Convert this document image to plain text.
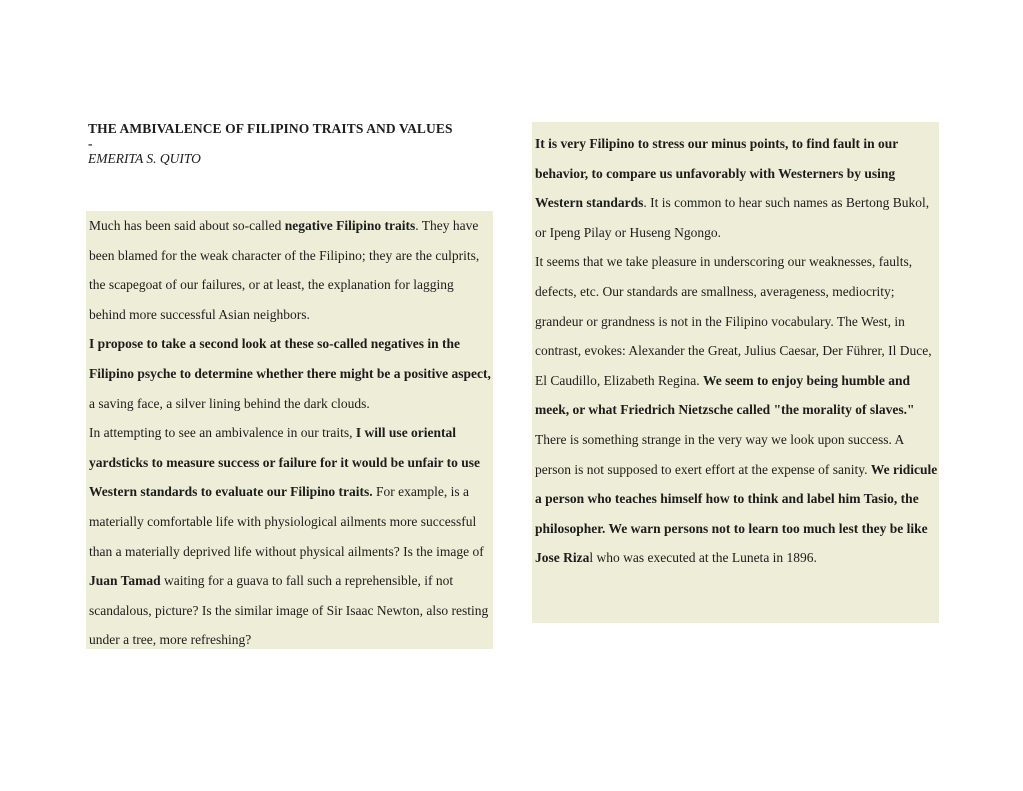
THE AMBIVALENCE OF FILIPINO TRAITS AND VALUES
-
EMERITA S. QUITO

Much has been said about so-called negative Filipino traits. They have been blamed for the weak character of the Filipino; they are the culprits, the scapegoat of our failures, or at least, the explanation for lagging behind more successful Asian neighbors.

I propose to take a second look at these so-called negatives in the Filipino psyche to determine whether there might be a positive aspect, a saving face, a silver lining behind the dark clouds.

In attempting to see an ambivalence in our traits, I will use oriental yardsticks to measure success or failure for it would be unfair to use Western standards to evaluate our Filipino traits. For example, is a materially comfortable life with physiological ailments more successful than a materially deprived life without physical ailments? Is the image of Juan Tamad waiting for a guava to fall such a reprehensible, if not scandalous, picture? Is the similar image of Sir Isaac Newton, also resting under a tree, more refreshing?

It is very Filipino to stress our minus points, to find fault in our behavior, to compare us unfavorably with Westerners by using Western standards. It is common to hear such names as Bertong Bukol, or Ipeng Pilay or Huseng Ngongo.

It seems that we take pleasure in underscoring our weaknesses, faults, defects, etc. Our standards are smallness, averageness, mediocrity; grandeur or grandness is not in the Filipino vocabulary. The West, in contrast, evokes: Alexander the Great, Julius Caesar, Der Führer, Il Duce, El Caudillo, Elizabeth Regina. We seem to enjoy being humble and meek, or what Friedrich Nietzsche called "the morality of slaves."

There is something strange in the very way we look upon success. A person is not supposed to exert effort at the expense of sanity. We ridicule a person who teaches himself how to think and label him Tasio, the philosopher. We warn persons not to learn too much lest they be like Jose Rizal who was executed at the Luneta in 1896.
